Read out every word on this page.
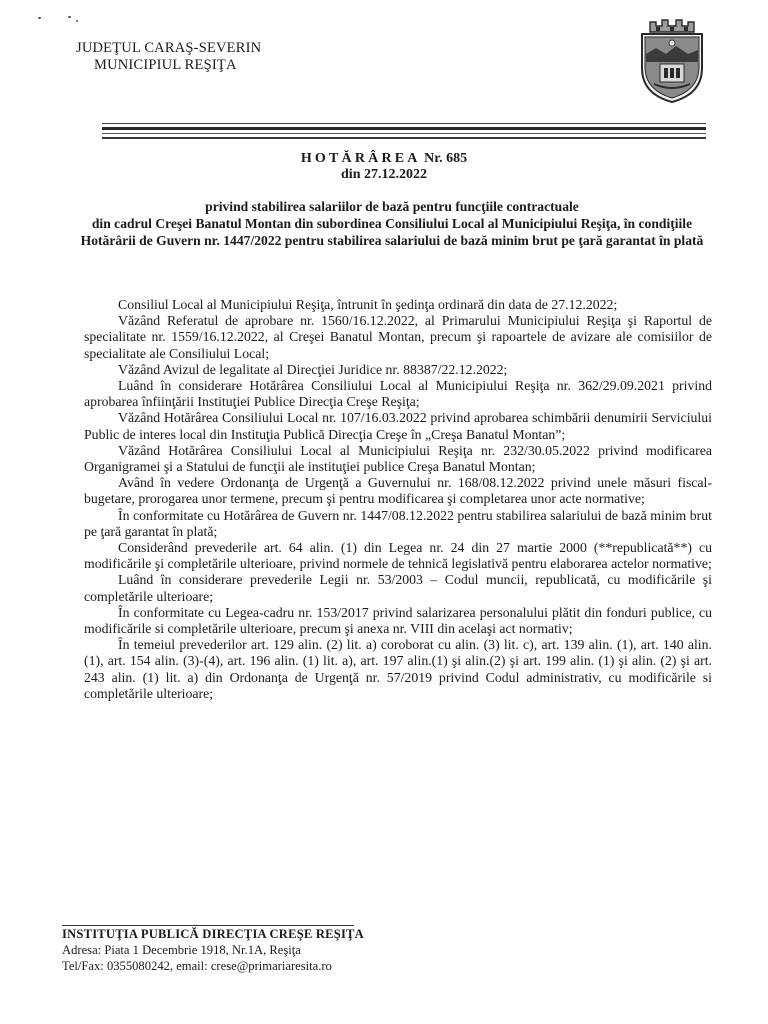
JUDEŢUL CARAŞ-SEVERIN
MUNICIPIUL REŞIŢA
HOTĂRÂREA Nr. 685
din 27.12.2022
privind stabilirea salariilor de bază pentru funcţiile contractuale
din cadrul Creşei Banatul Montan din subordinea Consiliului Local al Municipiului Reşiţa, în condiţiile Hotărârii de Guvern nr. 1447/2022 pentru stabilirea salariului de bază minim brut pe ţară garantat în plată

Consiliul Local al Municipiului Reşiţa, întrunit în şedinţa ordinară din data de 27.12.2022;

Văzând Referatul de aprobare nr. 1560/16.12.2022, al Primarului Municipiului Reşiţa şi Raportul de specialitate nr. 1559/16.12.2022, al Creşei Banatul Montan, precum şi rapoartele de avizare ale comisiilor de specialitate ale Consiliului Local;

Văzând Avizul de legalitate al Direcţiei Juridice nr. 88387/22.12.2022;

Luând în considerare Hotărârea Consiliului Local al Municipiului Reşiţa nr. 362/29.09.2021 privind aprobarea înfiinţării Instituţiei Publice Direcţia Creşe Reşiţa;

Văzând Hotărârea Consiliului Local nr. 107/16.03.2022 privind aprobarea schimbării denumirii Serviciului Public de interes local din Instituţia Publică Direcţia Creşe în „Creşa Banatul Montan”;

Văzând Hotărârea Consiliului Local al Municipiului Reşiţa nr. 232/30.05.2022 privind modificarea Organigramei şi a Statului de funcţii ale instituţiei publice Creşa Banatul Montan;

Având în vedere Ordonanţa de Urgenţă a Guvernului nr. 168/08.12.2022 privind unele măsuri fiscal-bugetare, prorogarea unor termene, precum şi pentru modificarea şi completarea unor acte normative;

În conformitate cu Hotărârea de Guvern nr. 1447/08.12.2022 pentru stabilirea salariului de bază minim brut pe ţară garantat în plată;

Considerând prevederile art. 64 alin. (1) din Legea nr. 24 din 27 martie 2000 (**republicată**) cu modificările şi completările ulterioare, privind normele de tehnică legislativă pentru elaborarea actelor normative;

Luând în considerare prevederile Legii nr. 53/2003 – Codul muncii, republicată, cu modificările şi completările ulterioare;

În conformitate cu Legea-cadru nr. 153/2017 privind salarizarea personalului plătit din fonduri publice, cu modificările si completările ulterioare, precum şi anexa nr. VIII din acelaşi act normativ;

În temeiul prevederilor art. 129 alin. (2) lit. a) coroborat cu alin. (3) lit. c), art. 139 alin. (1), art. 140 alin. (1), art. 154 alin. (3)-(4), art. 196 alin. (1) lit. a), art. 197 alin.(1) şi alin.(2) şi art. 199 alin. (1) şi alin. (2) şi art. 243 alin. (1) lit. a) din Ordonanţa de Urgenţă nr. 57/2019 privind Codul administrativ, cu modificările si completările ulterioare;

INSTITUŢIA PUBLICĂ DIRECŢIA CREŞE REŞIŢA
Adresa: Piata 1 Decembrie 1918, Nr.1A, Reşiţa
Tel/Fax: 0355080242, email: crese@primariaresita.ro
